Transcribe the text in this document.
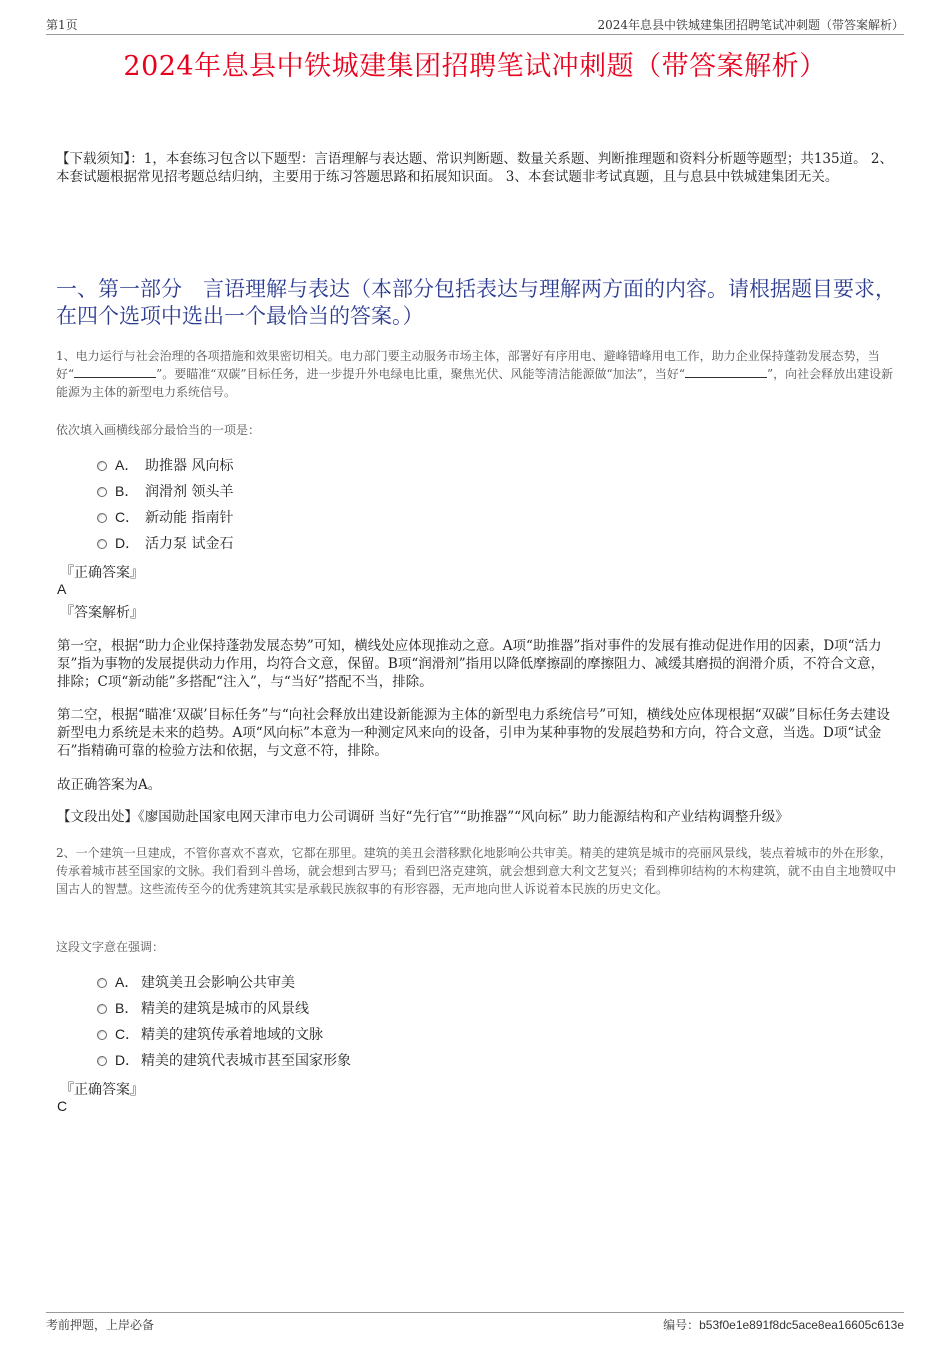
第1页	2024年息县中铁城建集团招聘笔试冲刺题（带答案解析）
2024年息县中铁城建集团招聘笔试冲刺题（带答案解析）
【下载须知】：1，本套练习包含以下题型：言语理解与表达题、常识判断题、数量关系题、判断推理题和资料分析题等题型；共135道。 2、本套试题根据常见招考题总结归纳，主要用于练习答题思路和拓展知识面。 3、本套试题非考试真题，且与息县中铁城建集团无关。
一、第一部分　言语理解与表达（本部分包括表达与理解两方面的内容。请根据题目要求，在四个选项中选出一个最恰当的答案。）
1、电力运行与社会治理的各项措施和效果密切相关。电力部门要主动服务市场主体，部署好有序用电、避峰错峰用电工作，助力企业保持蓬勃发展态势，当好“	”。要瞄准“双碳”目标任务，进一步提升外电绿电比重，聚焦光伏、风能等清洁能源做“加法”，当好“	”，向社会释放出建设新能源为主体的新型电力系统信号。
依次填入画横线部分最恰当的一项是：
A． 助推器 风向标
B． 润滑剂 领头羊
C． 新动能 指南针
D． 活力泵 试金石
『正确答案』
A
『答案解析』
第一空，根据“助力企业保持蓬勃发展态势”可知，横线处应体现推动之意。A项“助推器”指对事件的发展有推动促进作用的因素，D项“活力泵”指为事物的发展提供动力作用，均符合文意，保留。B项“润滑剂”指用以降低摩擦副的摩擦阻力、减缓其磨损的润滑介质，不符合文意，排除；C项“新动能”多搭配“注入”，与“当好”搭配不当，排除。
第二空，根据“瞄准‘双碳’目标任务”与“向社会释放出建设新能源为主体的新型电力系统信号”可知，横线处应体现根据“双碳”目标任务去建设新型电力系统是未来的趋势。A项“风向标”本意为一种测定风来向的设备，引申为某种事物的发展趋势和方向，符合文意，当选。D项“试金石”指精确可靠的检验方法和依据，与文意不符，排除。
故正确答案为A。
【文段出处】《廖国勋赴国家电网天津市电力公司调研 当好“先行官”“助推器”“风向标” 助力能源结构和产业结构调整升级》
2、一个建筑一旦建成，不管你喜欢不喜欢，它都在那里。建筑的美丑会潜移默化地影响公共审美。精美的建筑是城市的亮丽风景线，装点着城市的外在形象，传承着城市甚至国家的文脉。我们看到斗兽场，就会想到古罗马；看到巴洛克建筑，就会想到意大利文艺复兴；看到榫卯结构的木构建筑，就不由自主地赞叹中国古人的智慧。这些流传至今的优秀建筑其实是承载民族叙事的有形容器，无声地向世人诉说着本民族的历史文化。
这段文字意在强调：
A． 建筑美丑会影响公共审美
B． 精美的建筑是城市的风景线
C． 精美的建筑传承着地域的文脉
D． 精美的建筑代表城市甚至国家形象
『正确答案』
C
考前押题，上岸必备	编号：b53f0e1e891f8dc5ace8ea16605c613e
